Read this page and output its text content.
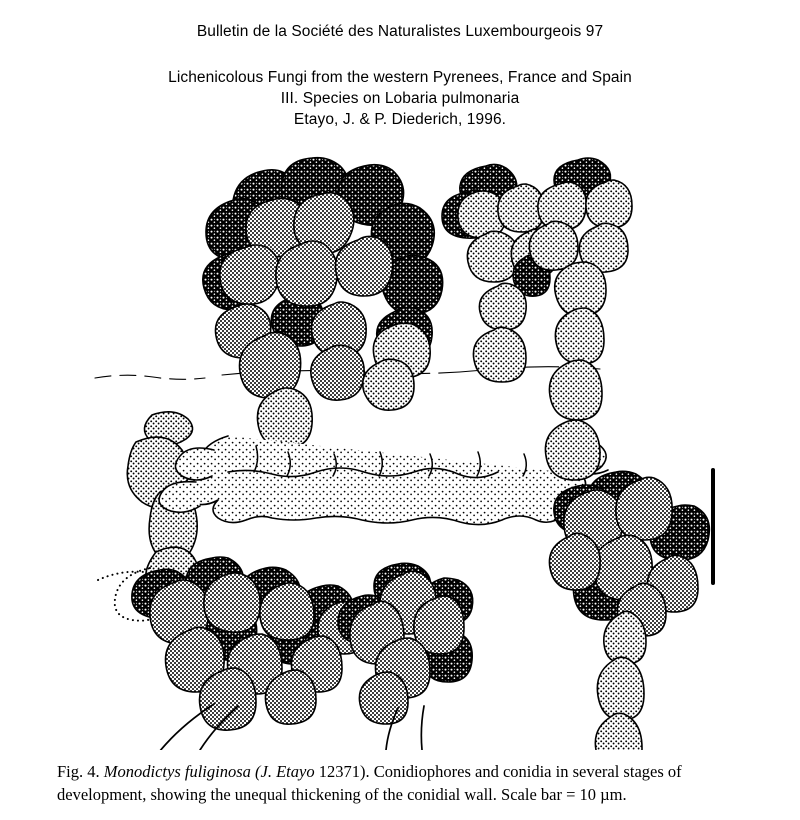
Bulletin de la Société des Naturalistes Luxembourgeois 97
Lichenicolous Fungi from the western Pyrenees, France and Spain
III. Species on Lobaria pulmonaria
Etayo, J. & P. Diederich, 1996.
Fig. 4. Monodictys fuliginosa (J. Etayo 12371). Conidiophores and conidia in several stages of development, showing the unequal thickening of the conidial wall. Scale bar = 10 µm.
